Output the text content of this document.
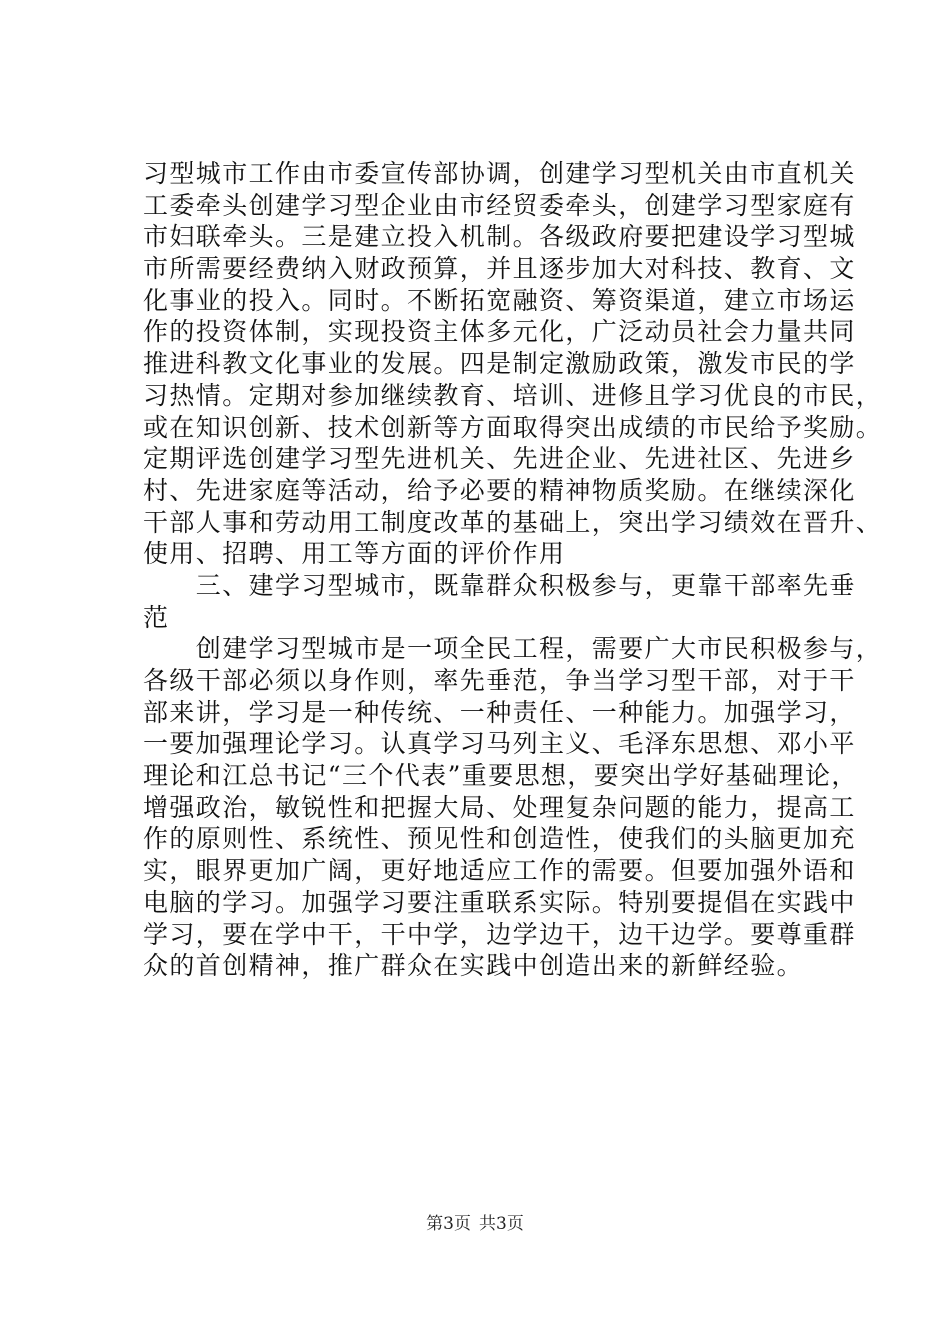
习型城市工作由市委宣传部协调，创建学习型机关由市直机关
工委牵头创建学习型企业由市经贸委牵头，创建学习型家庭有
市妇联牵头。三是建立投入机制。各级政府要把建设学习型城
市所需要经费纳入财政预算，并且逐步加大对科技、教育、文
化事业的投入。同时。不断拓宽融资、筹资渠道，建立市场运
作的投资体制，实现投资主体多元化，广泛动员社会力量共同
推进科教文化事业的发展。四是制定激励政策，激发市民的学
习热情。定期对参加继续教育、培训、进修且学习优良的市民，
或在知识创新、技术创新等方面取得突出成绩的市民给予奖励。
定期评选创建学习型先进机关、先进企业、先进社区、先进乡
村、先进家庭等活动，给予必要的精神物质奖励。在继续深化
干部人事和劳动用工制度改革的基础上，突出学习绩效在晋升、
使用、招聘、用工等方面的评价作用
　　三、建学习型城市，既靠群众积极参与，更靠干部率先垂
范
　　创建学习型城市是一项全民工程，需要广大市民积极参与，
各级干部必须以身作则，率先垂范，争当学习型干部，对于干
部来讲，学习是一种传统、一种责任、一种能力。加强学习，
一要加强理论学习。认真学习马列主义、毛泽东思想、邓小平
理论和江总书记“三个代表”重要思想，要突出学好基础理论，
增强政治，敏锐性和把握大局、处理复杂问题的能力，提高工
作的原则性、系统性、预见性和创造性，使我们的头脑更加充
实，眼界更加广阔，更好地适应工作的需要。但要加强外语和
电脑的学习。加强学习要注重联系实际。特别要提倡在实践中
学习，要在学中干，干中学，边学边干，边干边学。要尊重群
众的首创精神，推广群众在实践中创造出来的新鲜经验。
第3页 共3页
